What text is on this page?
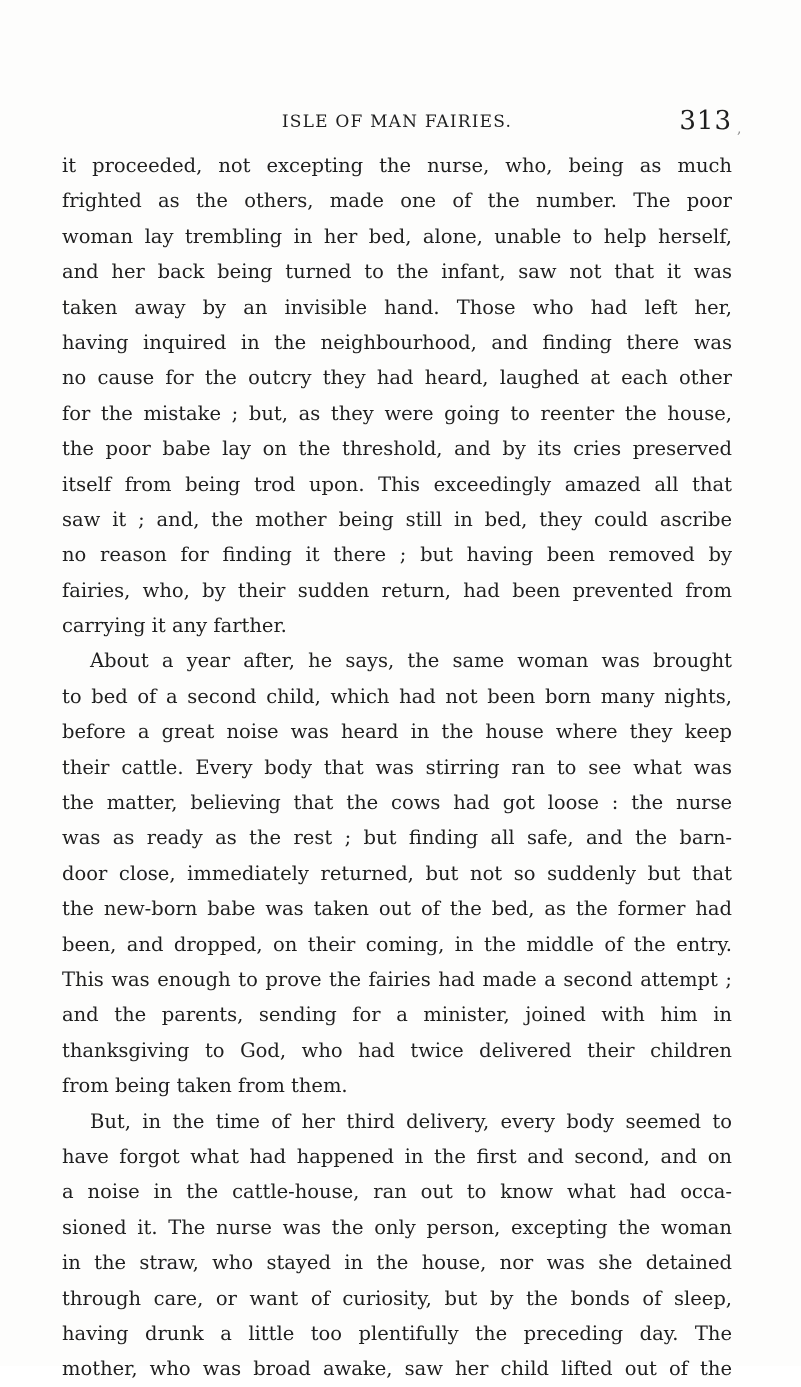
ISLE OF MAN FAIRIES.	313 ,
it proceeded, not excepting the nurse, who, being as much
frighted as the others, made one of the number. The poor
woman lay trembling in her bed, alone, unable to help herself,
and her back being turned to the infant, saw not that it was
taken away by an invisible hand. Those who had left her,
having inquired in the neighbourhood, and finding there was
no cause for the outcry they had heard, laughed at each other
for the mistake ; but, as they were going to reenter the house,
the poor babe lay on the threshold, and by its cries preserved
itself from being trod upon. This exceedingly amazed all that
saw it ; and, the mother being still in bed, they could ascribe
no reason for finding it there ; but having been removed by
fairies, who, by their sudden return, had been prevented from
carrying it any farther.
About a year after, he says, the same woman was brought
to bed of a second child, which had not been born many nights,
before a great noise was heard in the house where they keep
their cattle. Every body that was stirring ran to see what was
the matter, believing that the cows had got loose : the nurse
was as ready as the rest ; but finding all safe, and the barn-
door close, immediately returned, but not so suddenly but that
the new-born babe was taken out of the bed, as the former had
been, and dropped, on their coming, in the middle of the entry.
This was enough to prove the fairies had made a second attempt ;
and the parents, sending for a minister, joined with him in
thanksgiving to God, who had twice delivered their children
from being taken from them.
But, in the time of her third delivery, every body seemed to
have forgot what had happened in the first and second, and on
a noise in the cattle-house, ran out to know what had occa-
sioned it. The nurse was the only person, excepting the woman
in the straw, who stayed in the house, nor was she detained
through care, or want of curiosity, but by the bonds of sleep,
having drunk a little too plentifully the preceding day. The
mother, who was broad awake, saw her child lifted out of the
